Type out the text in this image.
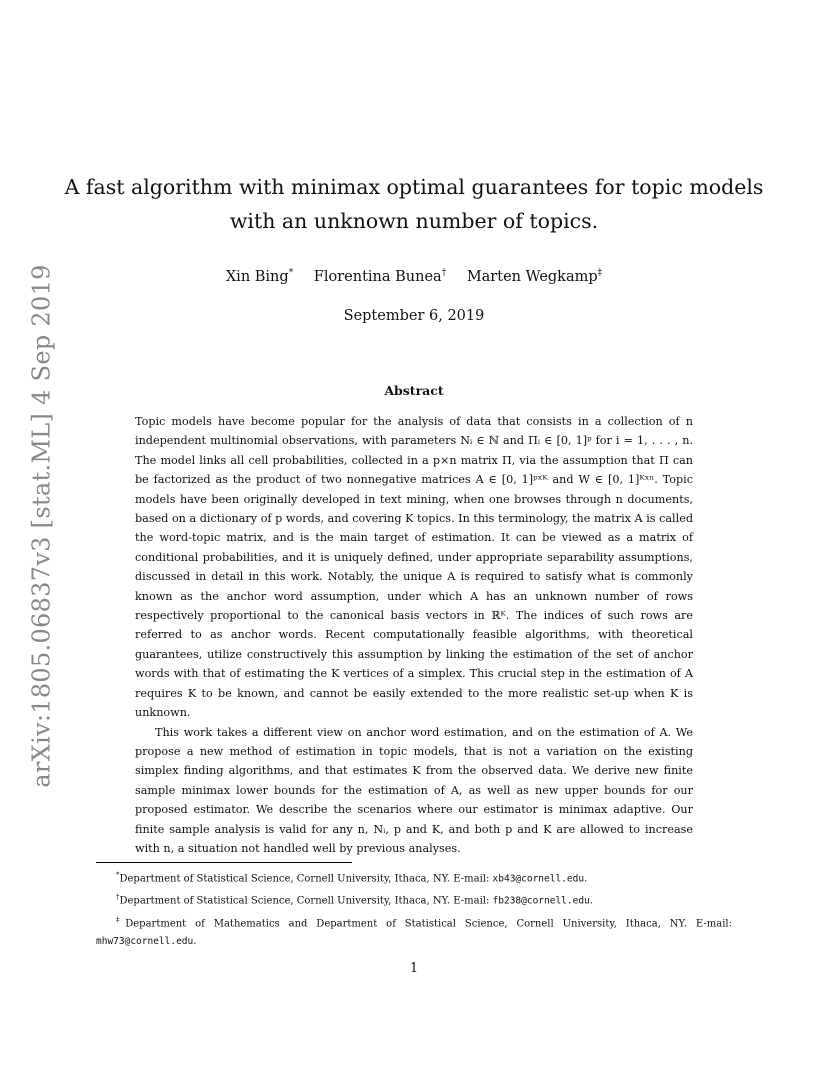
arXiv:1805.06837v3 [stat.ML] 4 Sep 2019
A fast algorithm with minimax optimal guarantees for topic models
with an unknown number of topics.
Xin Bing* Florentina Bunea† Marten Wegkamp‡
September 6, 2019
Abstract

Topic models have become popular for the analysis of data that consists in a collection of n independent multinomial observations, with parameters Nᵢ ∈ ℕ and Πᵢ ∈ [0, 1]ᵖ for i = 1, . . . , n. The model links all cell probabilities, collected in a p×n matrix Π, via the assumption that Π can be factorized as the product of two nonnegative matrices A ∈ [0, 1]ᵖˣᴷ and W ∈ [0, 1]ᴷˣⁿ. Topic models have been originally developed in text mining, when one browses through n documents, based on a dictionary of p words, and covering K topics. In this terminology, the matrix A is called the word-topic matrix, and is the main target of estimation. It can be viewed as a matrix of conditional probabilities, and it is uniquely defined, under appropriate separability assumptions, discussed in detail in this work. Notably, the unique A is required to satisfy what is commonly known as the anchor word assumption, under which A has an unknown number of rows respectively proportional to the canonical basis vectors in ℝᴷ. The indices of such rows are referred to as anchor words. Recent computationally feasible algorithms, with theoretical guarantees, utilize constructively this assumption by linking the estimation of the set of anchor words with that of estimating the K vertices of a simplex. This crucial step in the estimation of A requires K to be known, and cannot be easily extended to the more realistic set-up when K is unknown.

This work takes a different view on anchor word estimation, and on the estimation of A. We propose a new method of estimation in topic models, that is not a variation on the existing simplex finding algorithms, and that estimates K from the observed data. We derive new finite sample minimax lower bounds for the estimation of A, as well as new upper bounds for our proposed estimator. We describe the scenarios where our estimator is minimax adaptive. Our finite sample analysis is valid for any n, Nᵢ, p and K, and both p and K are allowed to increase with n, a situation not handled well by previous analyses.

*Department of Statistical Science, Cornell University, Ithaca, NY. E-mail: xb43@cornell.edu.
†Department of Statistical Science, Cornell University, Ithaca, NY. E-mail: fb238@cornell.edu.
‡Department of Mathematics and Department of Statistical Science, Cornell University, Ithaca, NY. E-mail: mhw73@cornell.edu.
1
